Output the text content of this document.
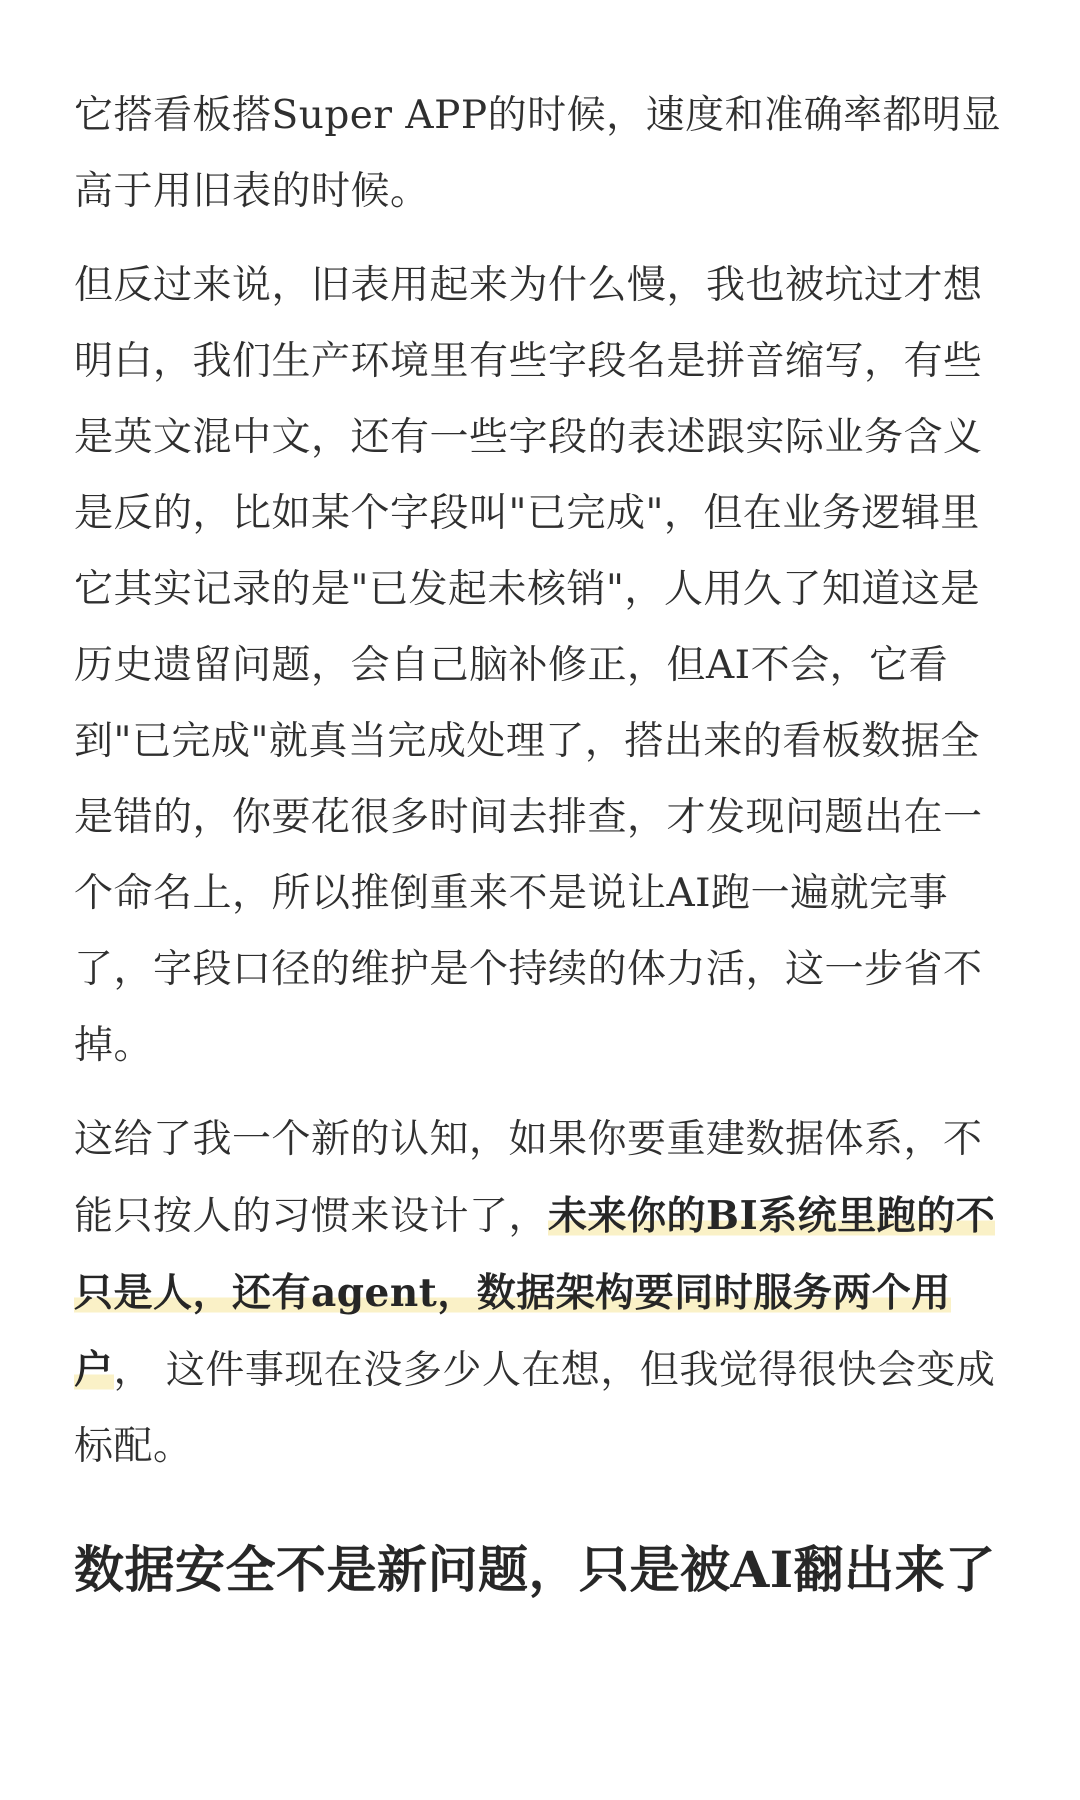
它搭看板搭Super APP的时候，速度和准确率都明显高于用旧表的时候。

但反过来说，旧表用起来为什么慢，我也被坑过才想明白，我们生产环境里有些字段名是拼音缩写，有些是英文混中文，还有一些字段的表述跟实际业务含义是反的，比如某个字段叫"已完成"，但在业务逻辑里它其实记录的是"已发起未核销"，人用久了知道这是历史遗留问题，会自己脑补修正，但AI不会，它看到"已完成"就真当完成处理了，搭出来的看板数据全是错的，你要花很多时间去排查，才发现问题出在一个命名上，所以推倒重来不是说让AI跑一遍就完事了，字段口径的维护是个持续的体力活，这一步省不掉。

这给了我一个新的认知，如果你要重建数据体系，不能只按人的习惯来设计了，未来你的BI系统里跑的不只是人，还有agent，数据架构要同时服务两个用户， 这件事现在没多少人在想，但我觉得很快会变成标配。

数据安全不是新问题，只是被AI翻出来了
